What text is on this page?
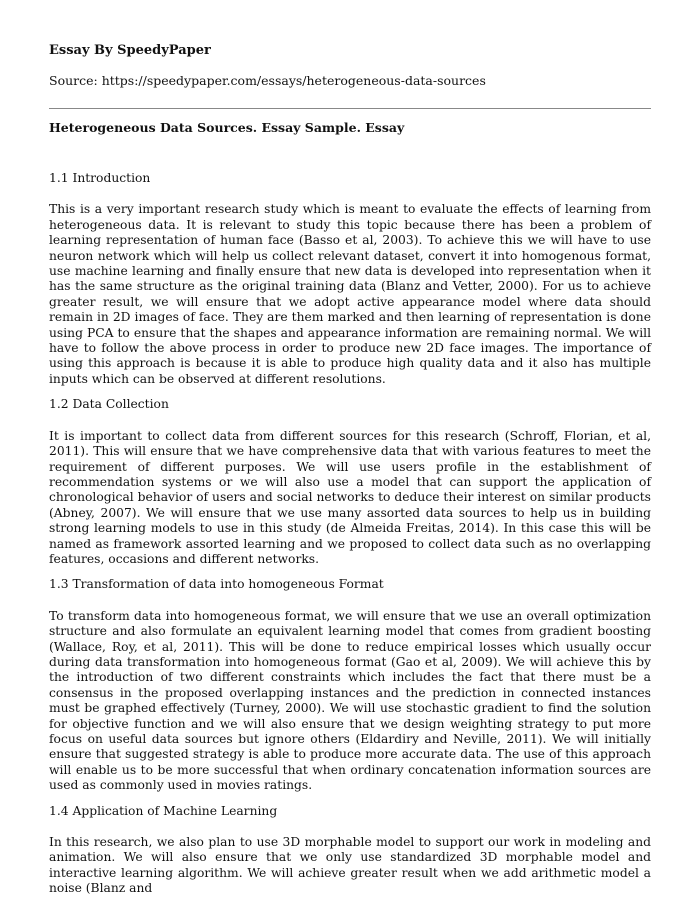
Essay By SpeedyPaper
Source: https://speedypaper.com/essays/heterogeneous-data-sources
Heterogeneous Data Sources. Essay Sample. Essay
1.1 Introduction
This is a very important research study which is meant to evaluate the effects of learning from heterogeneous data. It is relevant to study this topic because there has been a problem of learning representation of human face (Basso et al, 2003). To achieve this we will have to use neuron network which will help us collect relevant dataset, convert it into homogenous format, use machine learning and finally ensure that new data is developed into representation when it has the same structure as the original training data (Blanz and Vetter, 2000). For us to achieve greater result, we will ensure that we adopt active appearance model where data should remain in 2D images of face. They are them marked and then learning of representation is done using PCA to ensure that the shapes and appearance information are remaining normal. We will have to follow the above process in order to produce new 2D face images. The importance of using this approach is because it is able to produce high quality data and it also has multiple inputs which can be observed at different resolutions.
1.2 Data Collection
It is important to collect data from different sources for this research (Schroff, Florian, et al, 2011). This will ensure that we have comprehensive data that with various features to meet the requirement of different purposes. We will use users profile in the establishment of recommendation systems or we will also use a model that can support the application of chronological behavior of users and social networks to deduce their interest on similar products (Abney, 2007). We will ensure that we use many assorted data sources to help us in building strong learning models to use in this study (de Almeida Freitas, 2014). In this case this will be named as framework assorted learning and we proposed to collect data such as no overlapping features, occasions and different networks.
1.3 Transformation of data into homogeneous Format
To transform data into homogeneous format, we will ensure that we use an overall optimization structure and also formulate an equivalent learning model that comes from gradient boosting (Wallace, Roy, et al, 2011). This will be done to reduce empirical losses which usually occur during data transformation into homogeneous format (Gao et al, 2009). We will achieve this by the introduction of two different constraints which includes the fact that there must be a consensus in the proposed overlapping instances and the prediction in connected instances must be graphed effectively (Turney, 2000). We will use stochastic gradient to find the solution for objective function and we will also ensure that we design weighting strategy to put more focus on useful data sources but ignore others (Eldardiry and Neville, 2011). We will initially ensure that suggested strategy is able to produce more accurate data. The use of this approach will enable us to be more successful that when ordinary concatenation information sources are used as commonly used in movies ratings.
1.4 Application of Machine Learning
In this research, we also plan to use 3D morphable model to support our work in modeling and animation. We will also ensure that we only use standardized 3D morphable model and interactive learning algorithm. We will achieve greater result when we add arithmetic model a noise (Blanz and
